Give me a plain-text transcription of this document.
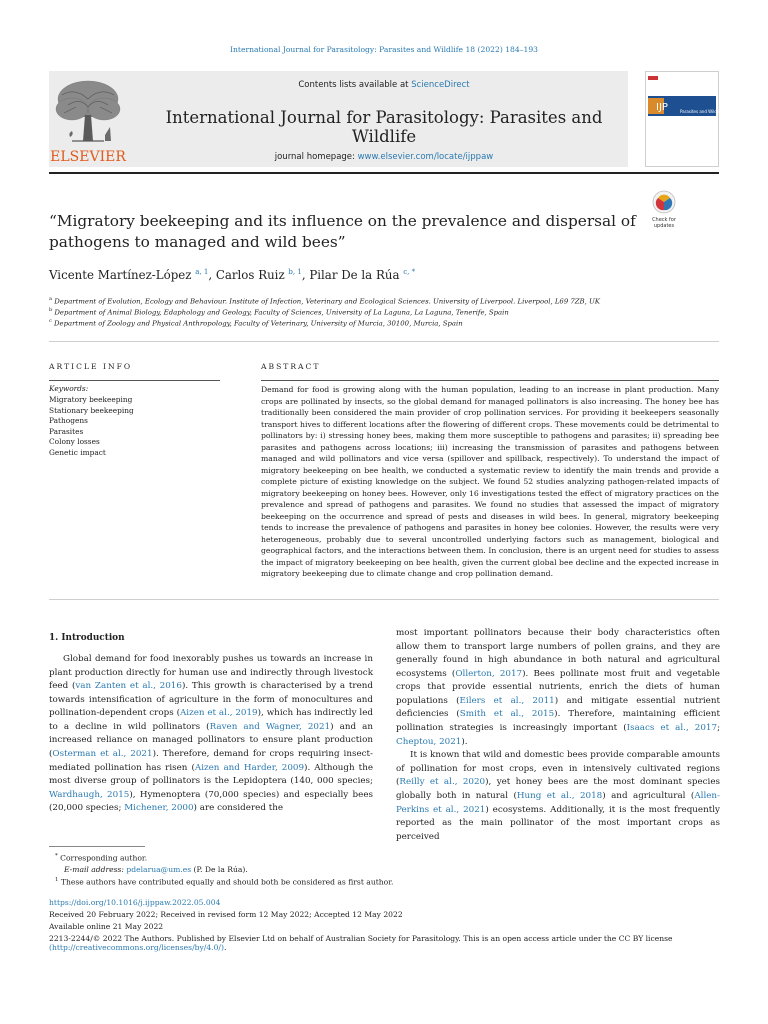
International Journal for Parasitology: Parasites and Wildlife 18 (2022) 184–193
ELSEVIER
Contents lists available at ScienceDirect
International Journal for Parasitology: Parasites and Wildlife
journal homepage: www.elsevier.com/locate/ijppaw
IJP	Parasites and Wildlife
Check for
updates
“Migratory beekeeping and its influence on the prevalence and dispersal of pathogens to managed and wild bees”
Vicente Martínez-López $^{a, 1}$, Carlos Ruiz $^{b, 1}$, Pilar De la Rúa $^{c, *}$
$^a$ Department of Evolution, Ecology and Behaviour. Institute of Infection, Veterinary and Ecological Sciences. University of Liverpool. Liverpool, L69 7ZB, UK
$^b$ Department of Animal Biology, Edaphology and Geology, Faculty of Sciences, University of La Laguna, La Laguna, Tenerife, Spain
$^c$ Department of Zoology and Physical Anthropology, Faculty of Veterinary, University of Murcia, 30100, Murcia, Spain
ARTICLE INFO
Keywords:
Migratory beekeeping
Stationary beekeeping
Pathogens
Parasites
Colony losses
Genetic impact
ABSTRACT
Demand for food is growing along with the human population, leading to an increase in plant production. Many crops are pollinated by insects, so the global demand for managed pollinators is also increasing. The honey bee has traditionally been considered the main provider of crop pollination services. For providing it beekeepers seasonally transport hives to different locations after the flowering of different crops. These movements could be detrimental to pollinators by: i) stressing honey bees, making them more susceptible to pathogens and parasites; ii) spreading bee parasites and pathogens across locations; iii) increasing the transmission of parasites and pathogens between managed and wild pollinators and vice versa (spillover and spillback, respectively). To understand the impact of migratory beekeeping on bee health, we conducted a systematic review to identify the main trends and provide a complete picture of existing knowledge on the subject. We found 52 studies analyzing pathogen-related impacts of migratory beekeeping on honey bees. However, only 16 investigations tested the effect of migratory practices on the prevalence and spread of pathogens and parasites. We found no studies that assessed the impact of migratory beekeeping on the occurrence and spread of pests and diseases in wild bees. In general, migratory beekeeping tends to increase the prevalence of pathogens and parasites in honey bee colonies. However, the results were very heterogeneous, probably due to several uncontrolled underlying factors such as management, biological and geographical factors, and the interactions between them. In conclusion, there is an urgent need for studies to assess the impact of migratory beekeeping on bee health, given the current global bee decline and the expected increase in migratory beekeeping due to climate change and crop pollination demand.
1. Introduction

Global demand for food inexorably pushes us towards an increase in plant production directly for human use and indirectly through livestock feed (van Zanten et al., 2016). This growth is characterised by a trend towards intensification of agriculture in the form of monocultures and pollination-dependent crops (Aizen et al., 2019), which has indirectly led to a decline in wild pollinators (Raven and Wagner, 2021) and an increased reliance on managed pollinators to ensure plant production (Osterman et al., 2021). Therefore, demand for crops requiring insect-mediated pollination has risen (Aizen and Harder, 2009). Although the most diverse group of pollinators is the Lepidoptera (140, 000 species; Wardhaugh, 2015), Hymenoptera (70,000 species) and especially bees (20,000 species; Michener, 2000) are considered the

most important pollinators because their body characteristics often allow them to transport large numbers of pollen grains, and they are generally found in high abundance in both natural and agricultural ecosystems (Ollerton, 2017). Bees pollinate most fruit and vegetable crops that provide essential nutrients, enrich the diets of human populations (Eilers et al., 2011) and mitigate essential nutrient deficiencies (Smith et al., 2015). Therefore, maintaining efficient pollination strategies is increasingly important (Isaacs et al., 2017; Cheptou, 2021).

It is known that wild and domestic bees provide comparable amounts of pollination for most crops, even in intensively cultivated regions (Reilly et al., 2020), yet honey bees are the most dominant species globally both in natural (Hung et al., 2018) and agricultural (Allen-Perkins et al., 2021) ecosystems. Additionally, it is the most frequently reported as the main pollinator of the most important crops as perceived

* Corresponding author.
E-mail address: pdelarua@um.es (P. De la Rúa).
$^1$ These authors have contributed equally and should both be considered as first author.
https://doi.org/10.1016/j.ijppaw.2022.05.004
Received 20 February 2022; Received in revised form 12 May 2022; Accepted 12 May 2022
Available online 21 May 2022
2213-2244/© 2022 The Authors. Published by Elsevier Ltd on behalf of Australian Society for Parasitology. This is an open access article under the CC BY license
(http://creativecommons.org/licenses/by/4.0/).
